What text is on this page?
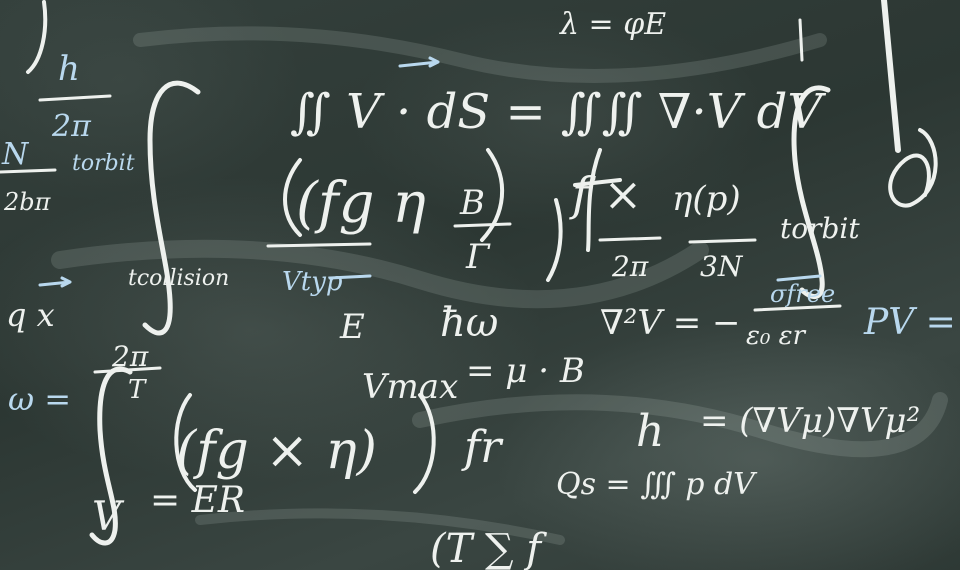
h
2π
torbit
N
2bπ
∬ V · dS = ∬∬ ∇·V dV
λ = φE
(fg η B
Γ
f × η(p)
2π 3N
torbit
tcollision Vtyp
q x	E ħω	∇²V = −
σfree
ε₀ εr PV =
ω =
2π
T	Vmax = μ · B
(fg × η) fr
V = ER
h = (∇Vμ)∇Vμ²
Qs = ∭ p dV
(T ∑ f
